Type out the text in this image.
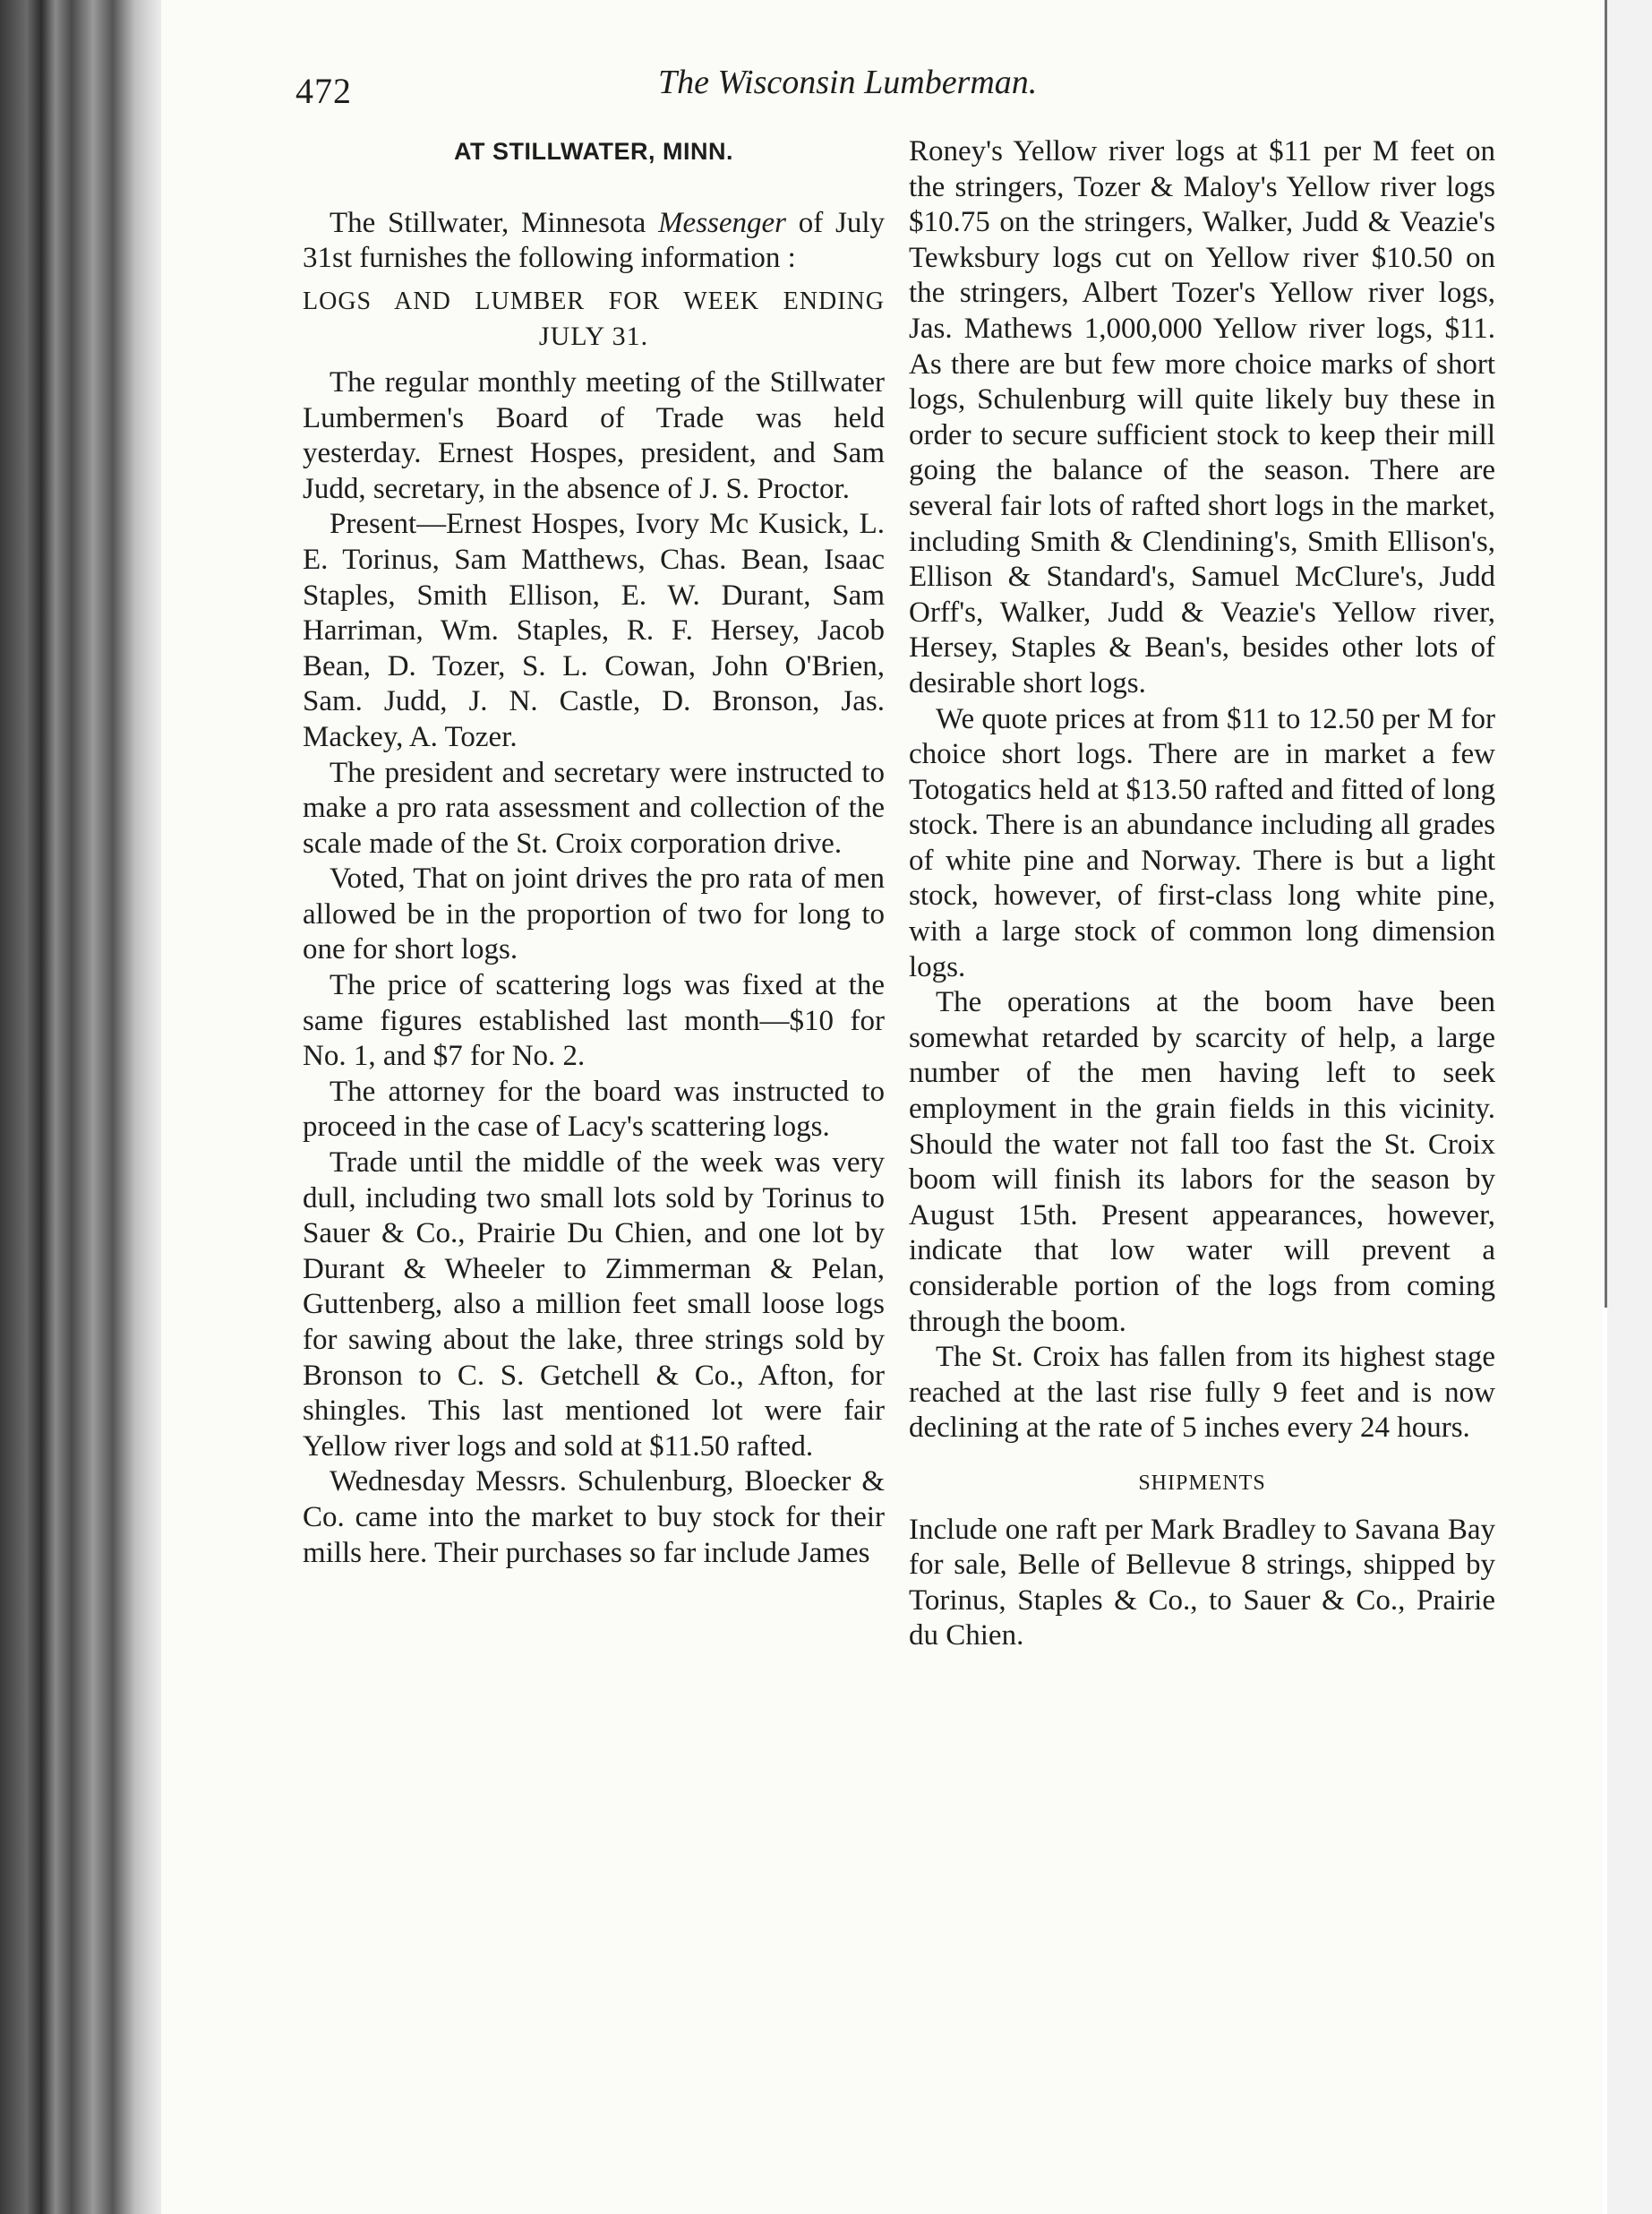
472	The Wisconsin Lumberman.
AT STILLWATER, MINN.

The Stillwater, Minnesota Messenger of July 31st furnishes the following information :

LOGS AND LUMBER FOR WEEK ENDING
JULY 31.

The regular monthly meeting of the Stillwater Lumbermen's Board of Trade was held yesterday. Ernest Hospes, president, and Sam Judd, secretary, in the absence of J. S. Proctor.

Present—Ernest Hospes, Ivory Mc Kusick, L. E. Torinus, Sam Matthews, Chas. Bean, Isaac Staples, Smith Ellison, E. W. Durant, Sam Harriman, Wm. Staples, R. F. Hersey, Jacob Bean, D. Tozer, S. L. Cowan, John O'Brien, Sam. Judd, J. N. Castle, D. Bronson, Jas. Mackey, A. Tozer.

The president and secretary were instructed to make a pro rata assessment and collection of the scale made of the St. Croix corporation drive.

Voted, That on joint drives the pro rata of men allowed be in the proportion of two for long to one for short logs.

The price of scattering logs was fixed at the same figures established last month—$10 for No. 1, and $7 for No. 2.

The attorney for the board was instructed to proceed in the case of Lacy's scattering logs.

Trade until the middle of the week was very dull, including two small lots sold by Torinus to Sauer & Co., Prairie Du Chien, and one lot by Durant & Wheeler to Zimmerman & Pelan, Guttenberg, also a million feet small loose logs for sawing about the lake, three strings sold by Bronson to C. S. Getchell & Co., Afton, for shingles. This last mentioned lot were fair Yellow river logs and sold at $11.50 rafted.

Wednesday Messrs. Schulenburg, Bloecker & Co. came into the market to buy stock for their mills here. Their purchases so far include James

Roney's Yellow river logs at $11 per M feet on the stringers, Tozer & Maloy's Yellow river logs $10.75 on the stringers, Walker, Judd & Veazie's Tewksbury logs cut on Yellow river $10.50 on the stringers, Albert Tozer's Yellow river logs, Jas. Mathews 1,000,000 Yellow river logs, $11. As there are but few more choice marks of short logs, Schulenburg will quite likely buy these in order to secure sufficient stock to keep their mill going the balance of the season. There are several fair lots of rafted short logs in the market, including Smith & Clendining's, Smith Ellison's, Ellison & Standard's, Samuel McClure's, Judd Orff's, Walker, Judd & Veazie's Yellow river, Hersey, Staples & Bean's, besides other lots of desirable short logs.

We quote prices at from $11 to 12.50 per M for choice short logs. There are in market a few Totogatics held at $13.50 rafted and fitted of long stock. There is an abundance including all grades of white pine and Norway. There is but a light stock, however, of first-class long white pine, with a large stock of common long dimension logs.

The operations at the boom have been somewhat retarded by scarcity of help, a large number of the men having left to seek employment in the grain fields in this vicinity. Should the water not fall too fast the St. Croix boom will finish its labors for the season by August 15th. Present appearances, however, indicate that low water will prevent a considerable portion of the logs from coming through the boom.

The St. Croix has fallen from its highest stage reached at the last rise fully 9 feet and is now declining at the rate of 5 inches every 24 hours.

SHIPMENTS

Include one raft per Mark Bradley to Savana Bay for sale, Belle of Bellevue 8 strings, shipped by Torinus, Staples & Co., to Sauer & Co., Prairie du Chien.
